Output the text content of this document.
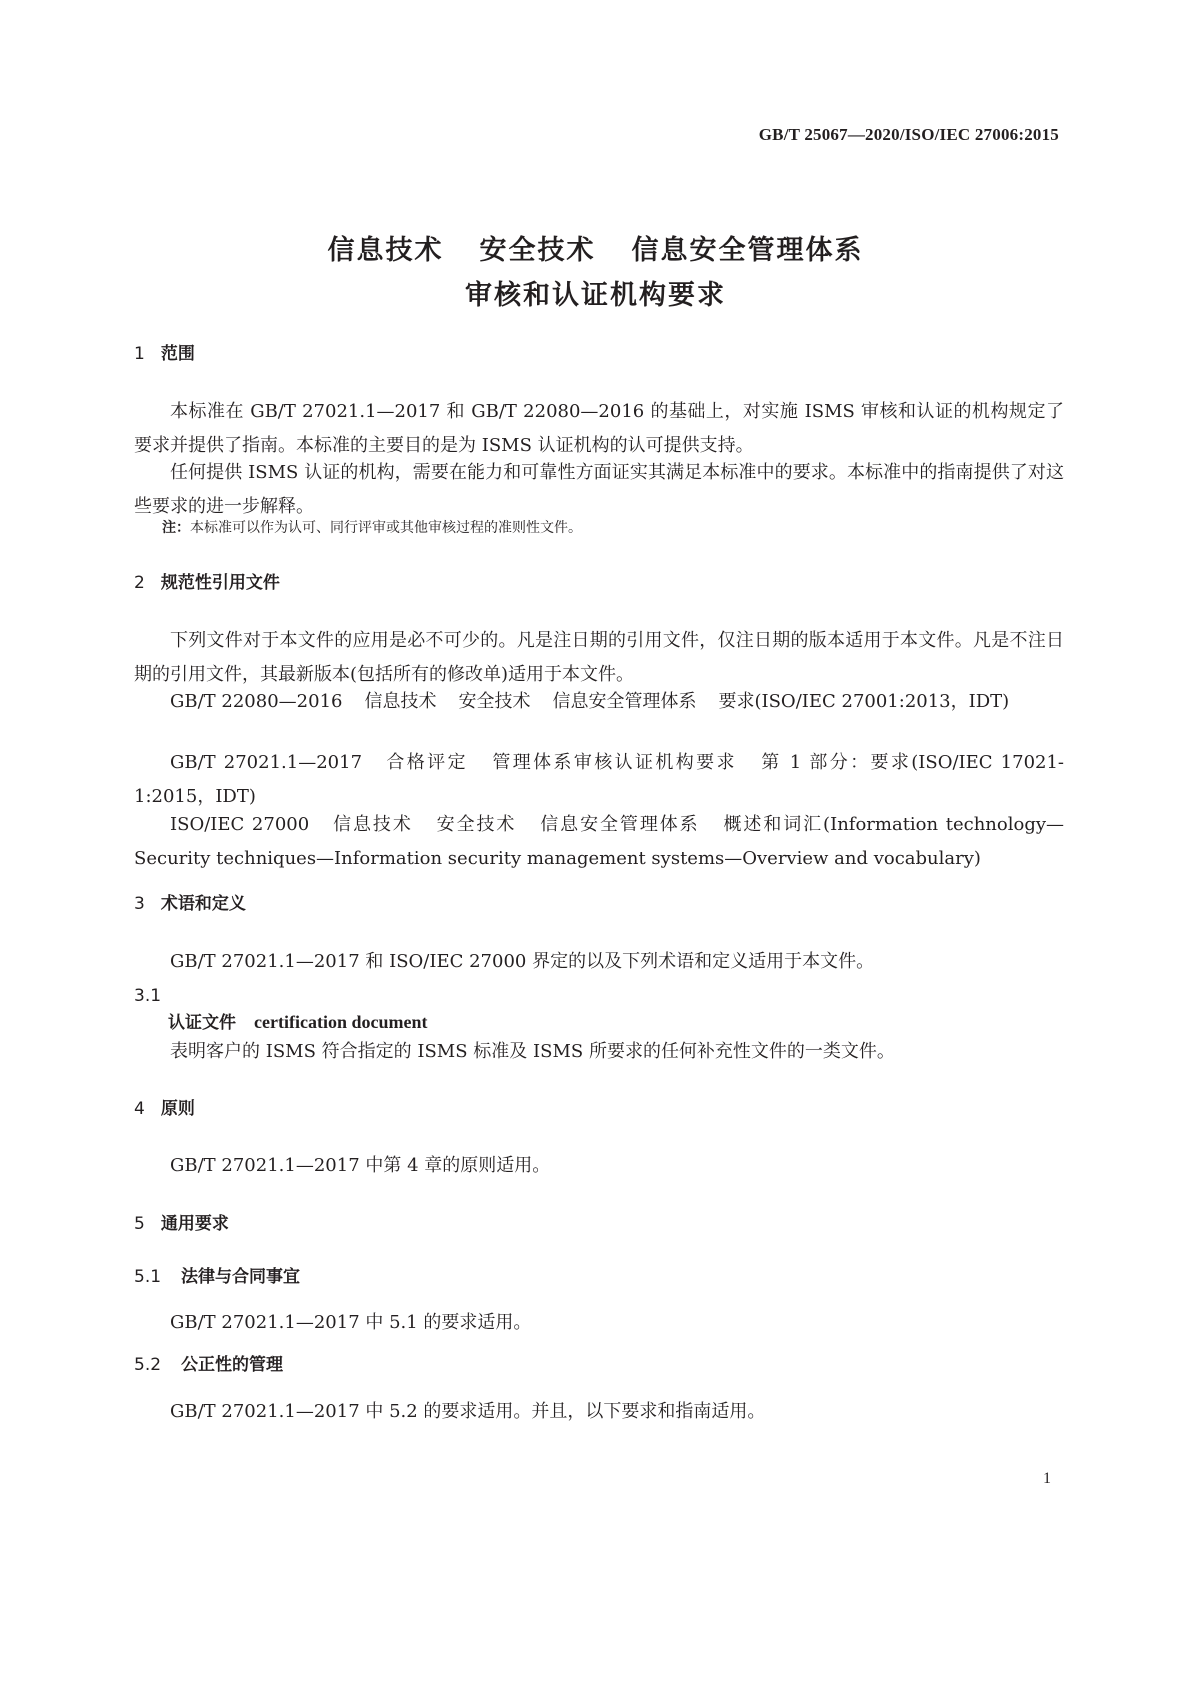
GB/T 25067—2020/ISO/IEC 27006:2015
信息技术 安全技术 信息安全管理体系
审核和认证机构要求
1 范围
本标准在 GB/T 27021.1—2017 和 GB/T 22080—2016 的基础上，对实施 ISMS 审核和认证的机构规定了要求并提供了指南。本标准的主要目的是为 ISMS 认证机构的认可提供支持。
任何提供 ISMS 认证的机构，需要在能力和可靠性方面证实其满足本标准中的要求。本标准中的指南提供了对这些要求的进一步解释。
注：本标准可以作为认可、同行评审或其他审核过程的准则性文件。
2 规范性引用文件
下列文件对于本文件的应用是必不可少的。凡是注日期的引用文件，仅注日期的版本适用于本文件。凡是不注日期的引用文件，其最新版本(包括所有的修改单)适用于本文件。
GB/T 22080—2016 信息技术 安全技术 信息安全管理体系 要求(ISO/IEC 27001:2013，IDT)
GB/T 27021.1—2017 合格评定 管理体系审核认证机构要求 第 1 部分：要求(ISO/IEC 17021-1:2015，IDT)
ISO/IEC 27000 信息技术 安全技术 信息安全管理体系 概述和词汇(Information technology—Security techniques—Information security management systems—Overview and vocabulary)
3 术语和定义
GB/T 27021.1—2017 和 ISO/IEC 27000 界定的以及下列术语和定义适用于本文件。
3.1
认证文件 certification document
表明客户的 ISMS 符合指定的 ISMS 标准及 ISMS 所要求的任何补充性文件的一类文件。
4 原则
GB/T 27021.1—2017 中第 4 章的原则适用。
5 通用要求
5.1 法律与合同事宜
GB/T 27021.1—2017 中 5.1 的要求适用。
5.2 公正性的管理
GB/T 27021.1—2017 中 5.2 的要求适用。并且，以下要求和指南适用。
1
